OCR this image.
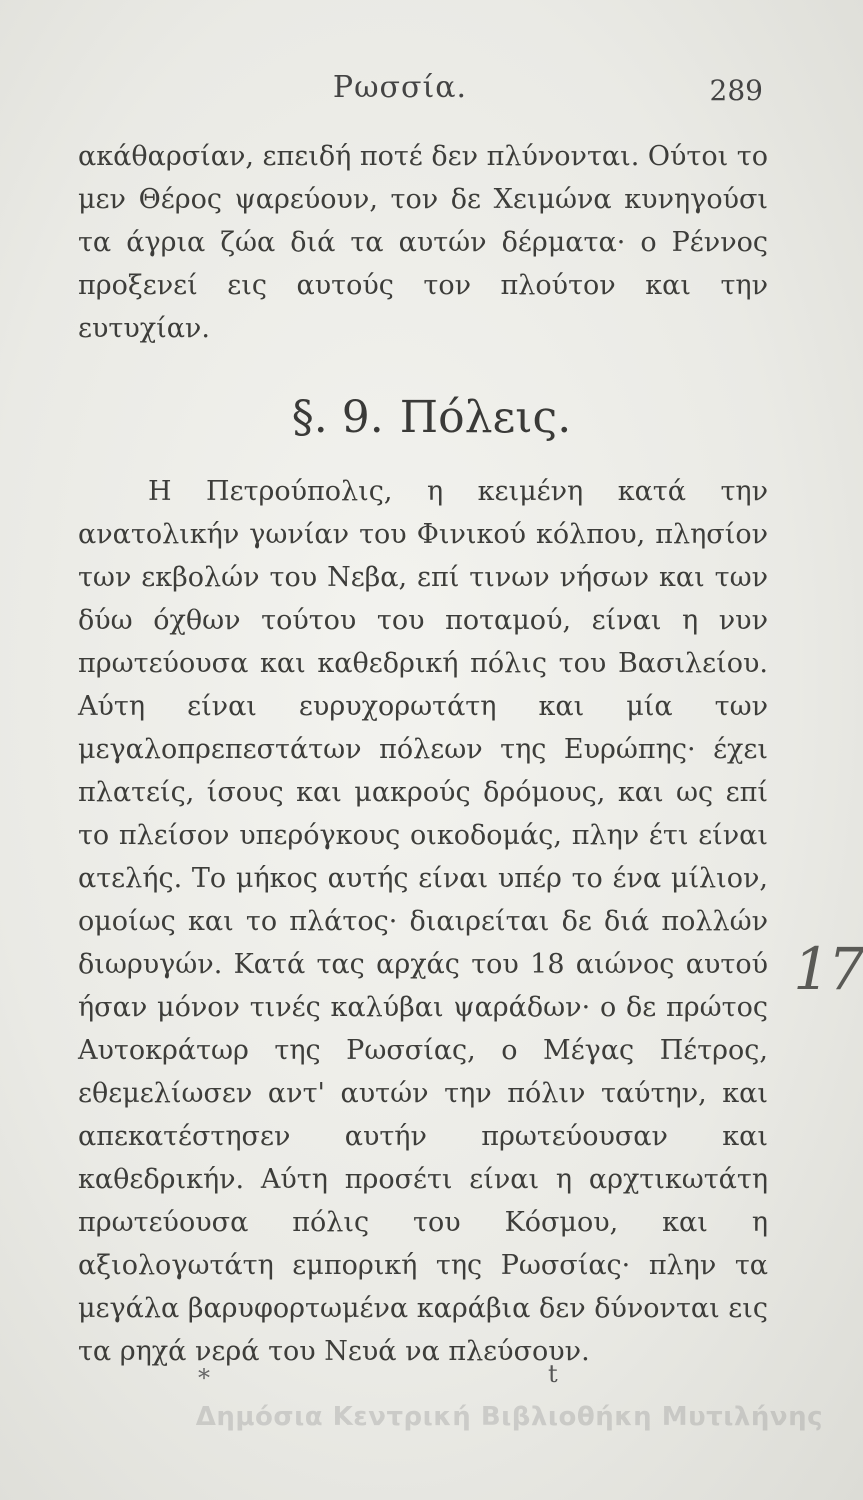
Ρωσσία.	289
ακάθαρσίαν, επειδή ποτέ δεν πλύνονται. Ούτοι το μεν Θέρος ψαρεύουν, τον δε Χειμώνα κυνηγούσι τα άγρια ζώα διά τα αυτών δέρματα· ο Ρέννος προξενεί εις αυτούς τον πλούτον και την ευτυχίαν.
§. 9. Πόλεις.
Η Πετρούπολις, η κειμένη κατά την ανατολικήν γωνίαν του Φινικού κόλπου, πλησίον των εκβολών του Νεβα, επί τινων νήσων και των δύω όχθων τούτου του ποταμού, είναι η νυν πρωτεύουσα και καθεδρική πόλις του Βασιλείου. Αύτη είναι ευρυχορωτάτη και μία των μεγαλοπρεπεστάτων πόλεων της Ευρώπης· έχει πλατείς, ίσους και μακρούς δρόμους, και ως επί το πλείσον υπερόγκους οικοδομάς, πλην έτι είναι ατελής. Το μήκος αυτής είναι υπέρ το ένα μίλιον, ομοίως και το πλάτος· διαιρείται δε διά πολλών διωρυγών. Κατά τας αρχάς του 18 αιώνος αυτού ήσαν μόνον τινές καλύβαι ψαράδων· ο δε πρώτος Αυτοκράτωρ της Ρωσσίας, ο Μέγας Πέτρος, εθεμελίωσεν αντ' αυτών την πόλιν ταύτην, και απεκατέστησεν αυτήν πρωτεύουσαν και καθεδρικήν. Αύτη προσέτι είναι η αρχτικωτάτη πρωτεύουσα πόλις του Κόσμου, και η αξιολογωτάτη εμπορική της Ρωσσίας· πλην τα μεγάλα βαρυφορτωμένα καράβια δεν δύνονται εις τα ρηχά νερά του Νευά να πλεύσουν.
17
*	t
Δημόσια Κεντρική Βιβλιοθήκη Μυτιλήνης
